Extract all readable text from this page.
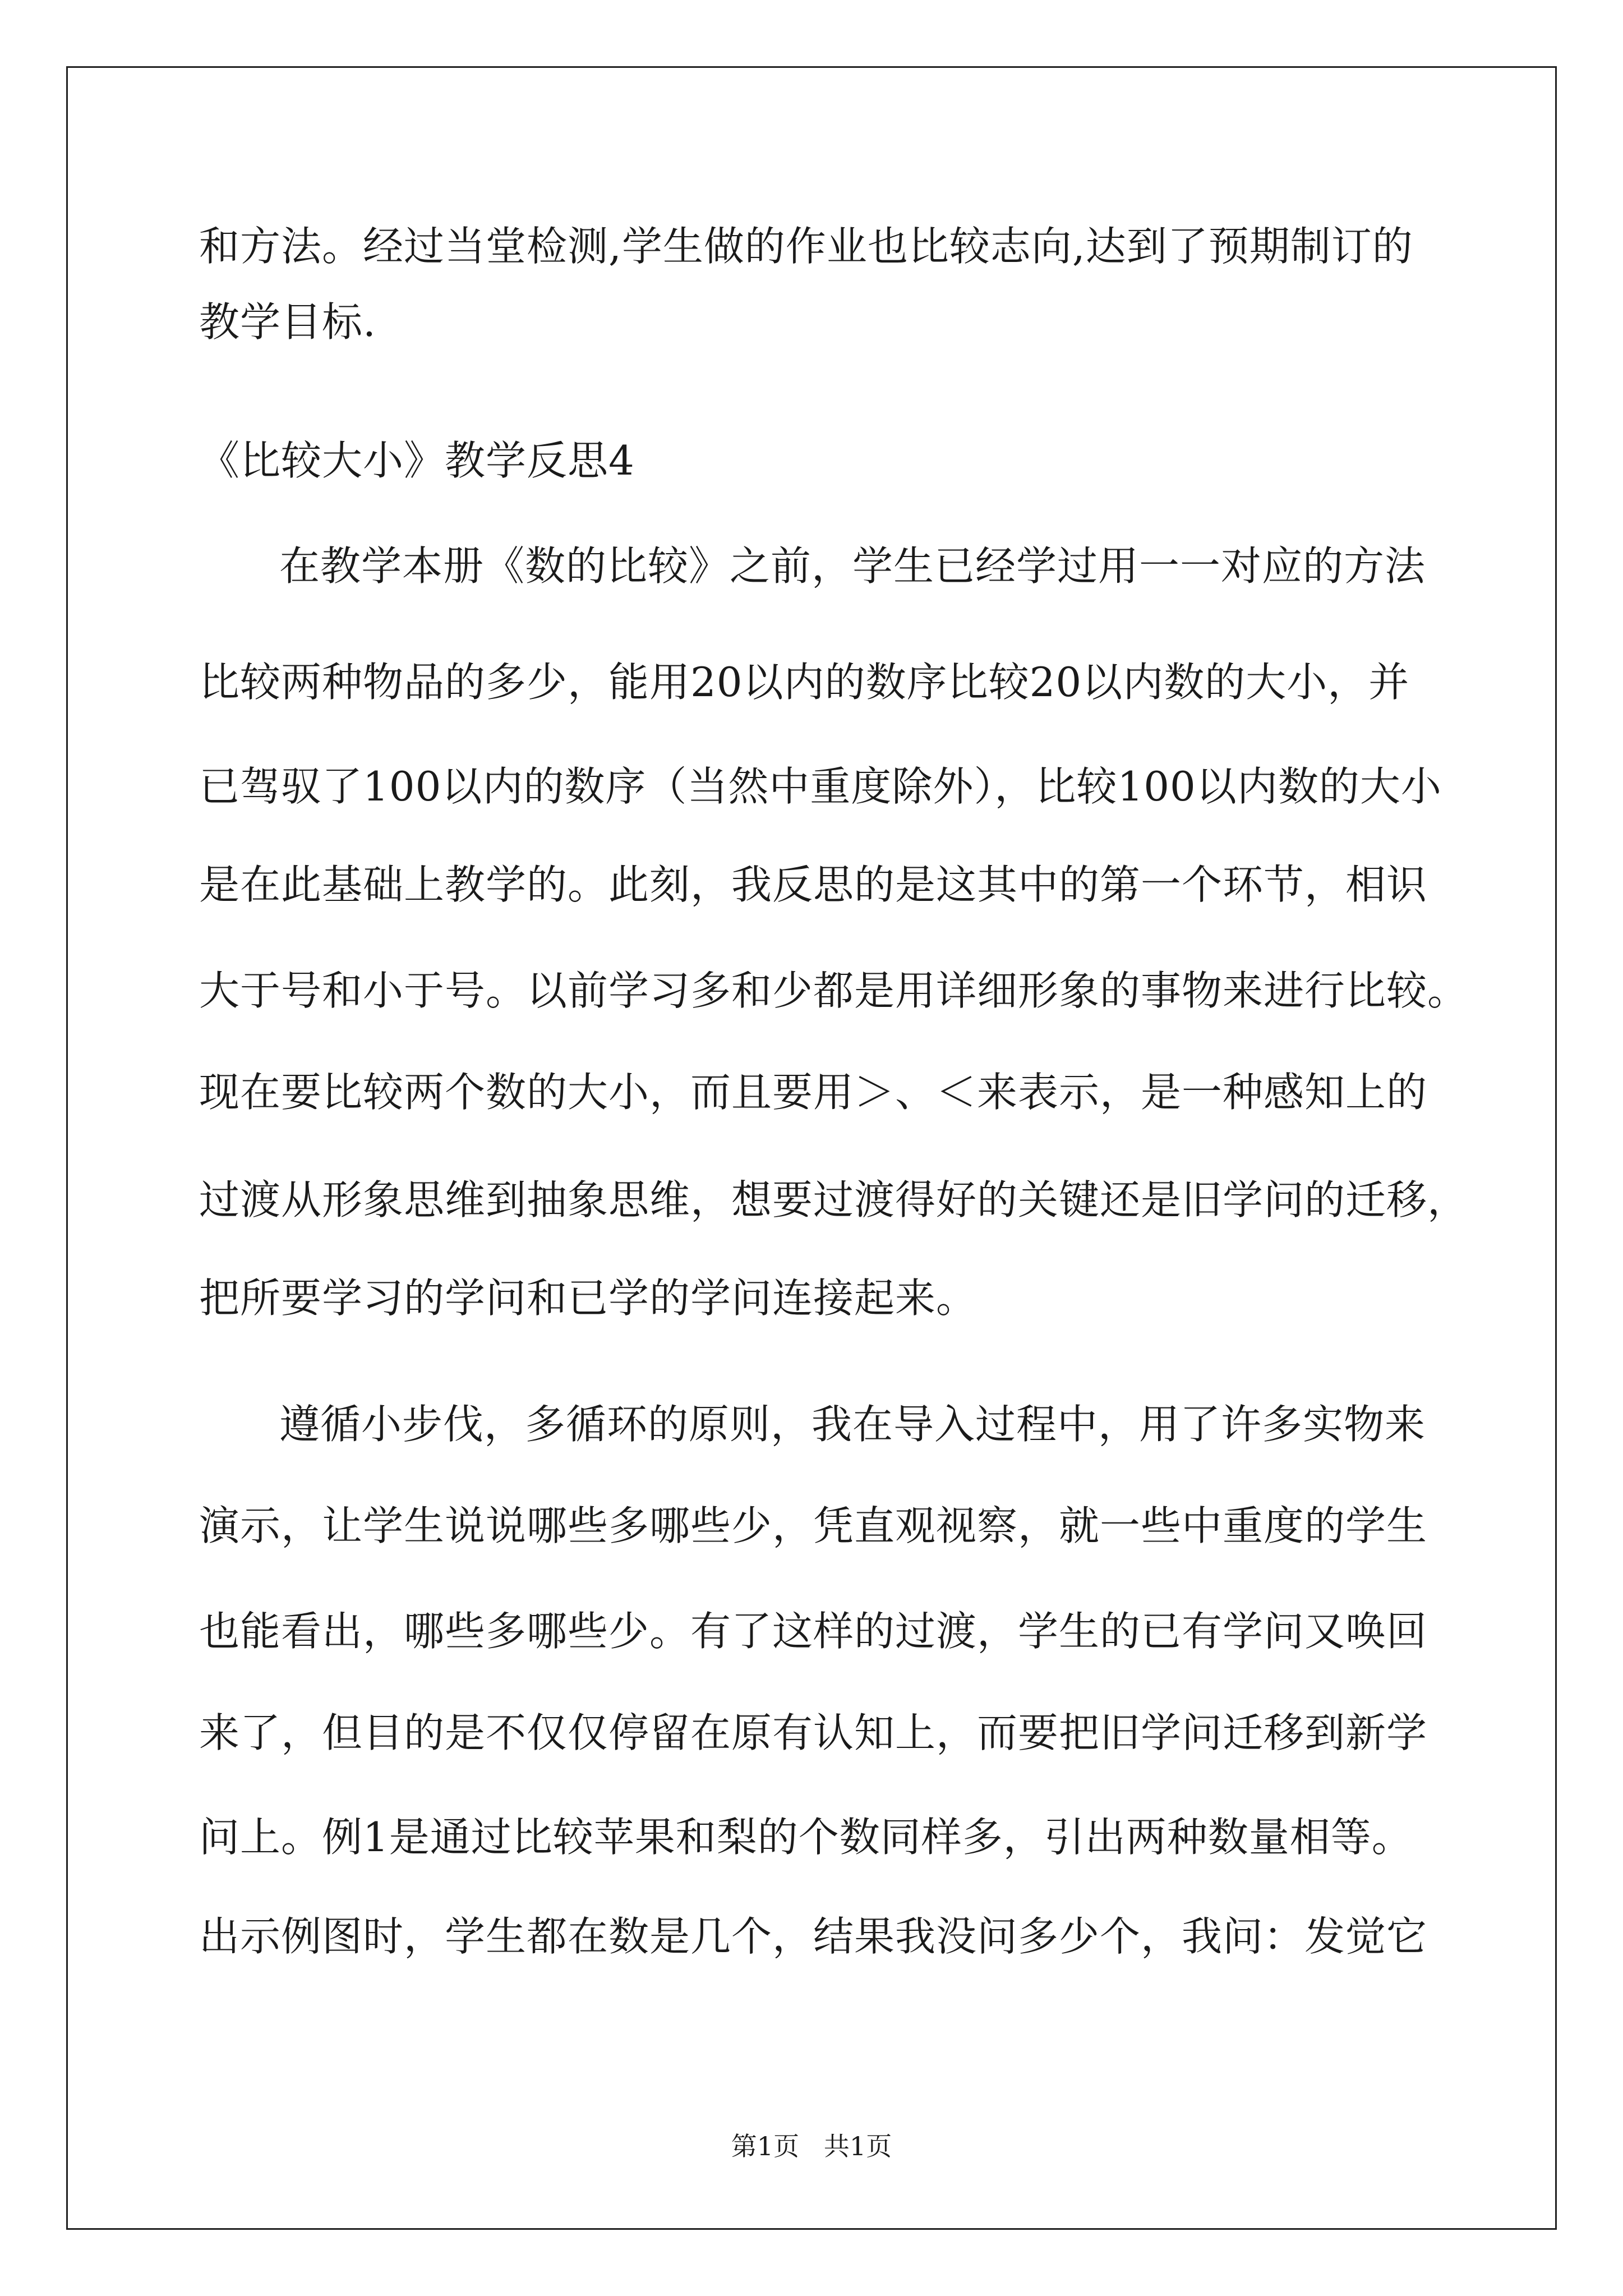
和方法。经过当堂检测,学生做的作业也比较志向,达到了预期制订的
教学目标.
《比较大小》教学反思4
在教学本册《数的比较》之前，学生已经学过用一一对应的方法
比较两种物品的多少，能用20以内的数序比较20以内数的大小，并
已驾驭了100以内的数序（当然中重度除外），比较100以内数的大小
是在此基础上教学的。此刻，我反思的是这其中的第一个环节，相识
大于号和小于号。以前学习多和少都是用详细形象的事物来进行比较。
现在要比较两个数的大小，而且要用＞、＜来表示，是一种感知上的
过渡从形象思维到抽象思维，想要过渡得好的关键还是旧学问的迁移，
把所要学习的学问和已学的学问连接起来。
遵循小步伐，多循环的原则，我在导入过程中，用了许多实物来
演示，让学生说说哪些多哪些少，凭直观视察，就一些中重度的学生
也能看出，哪些多哪些少。有了这样的过渡，学生的已有学问又唤回
来了，但目的是不仅仅停留在原有认知上，而要把旧学问迁移到新学
问上。例1是通过比较苹果和梨的个数同样多，引出两种数量相等。
出示例图时，学生都在数是几个，结果我没问多少个，我问：发觉它
第1页   共1页
